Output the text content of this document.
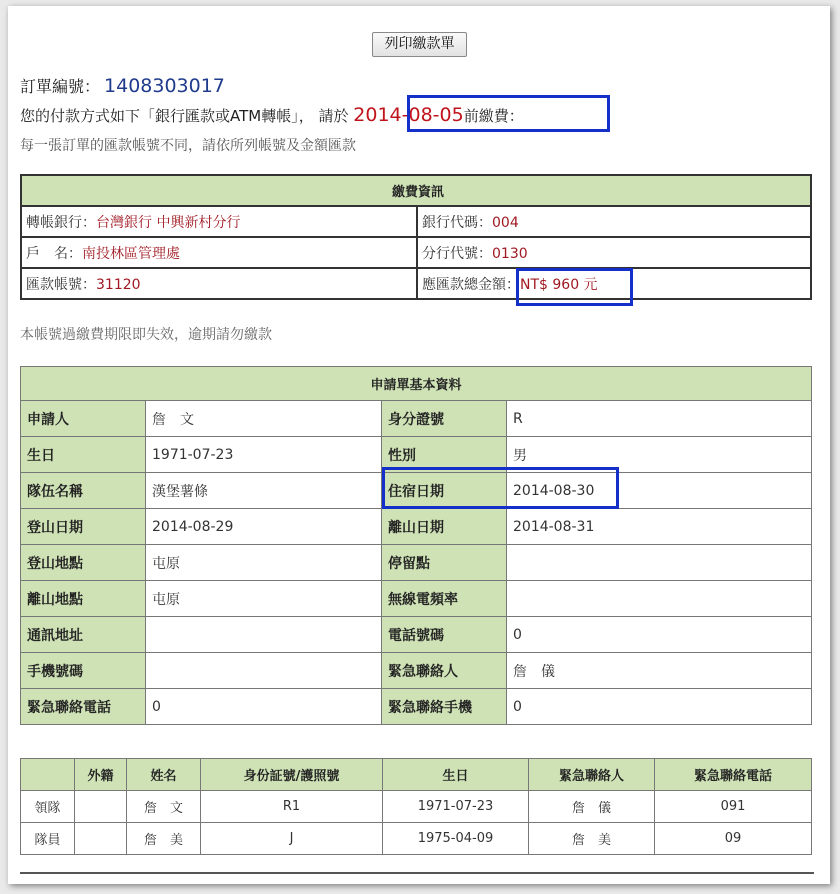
列印繳款單
訂單編號： 1408303017
您的付款方式如下「銀行匯款或ATM轉帳」， 請於 2014-08-05前繳費：
每一張訂單的匯款帳號不同，請依所列帳號及金額匯款
繳費資訊	
轉帳銀行：台灣銀行 中興新村分行	銀行代碼：004
戶　名：南投林區管理處	分行代號：0130
匯款帳號：31120	應匯款總金額：NT$ 960 元
本帳號過繳費期限即失效，逾期請勿繳款
申請單基本資料			
申請人	詹　文	身分證號	R
生日	1971-07-23	性別	男
隊伍名稱	漢堡薯條	住宿日期	2014-08-30
登山日期	2014-08-29	離山日期	2014-08-31
登山地點	屯原	停留點	
離山地點	屯原	無線電頻率	
通訊地址		電話號碼	0
手機號碼		緊急聯絡人	詹　儀
緊急聯絡電話	0	緊急聯絡手機	0
	外籍	姓名	身份証號/護照號	生日	緊急聯絡人	緊急聯絡電話
領隊		詹　文	R1	1971-07-23	詹　儀	091
隊員		詹　美	J	1975-04-09	詹　美	09
